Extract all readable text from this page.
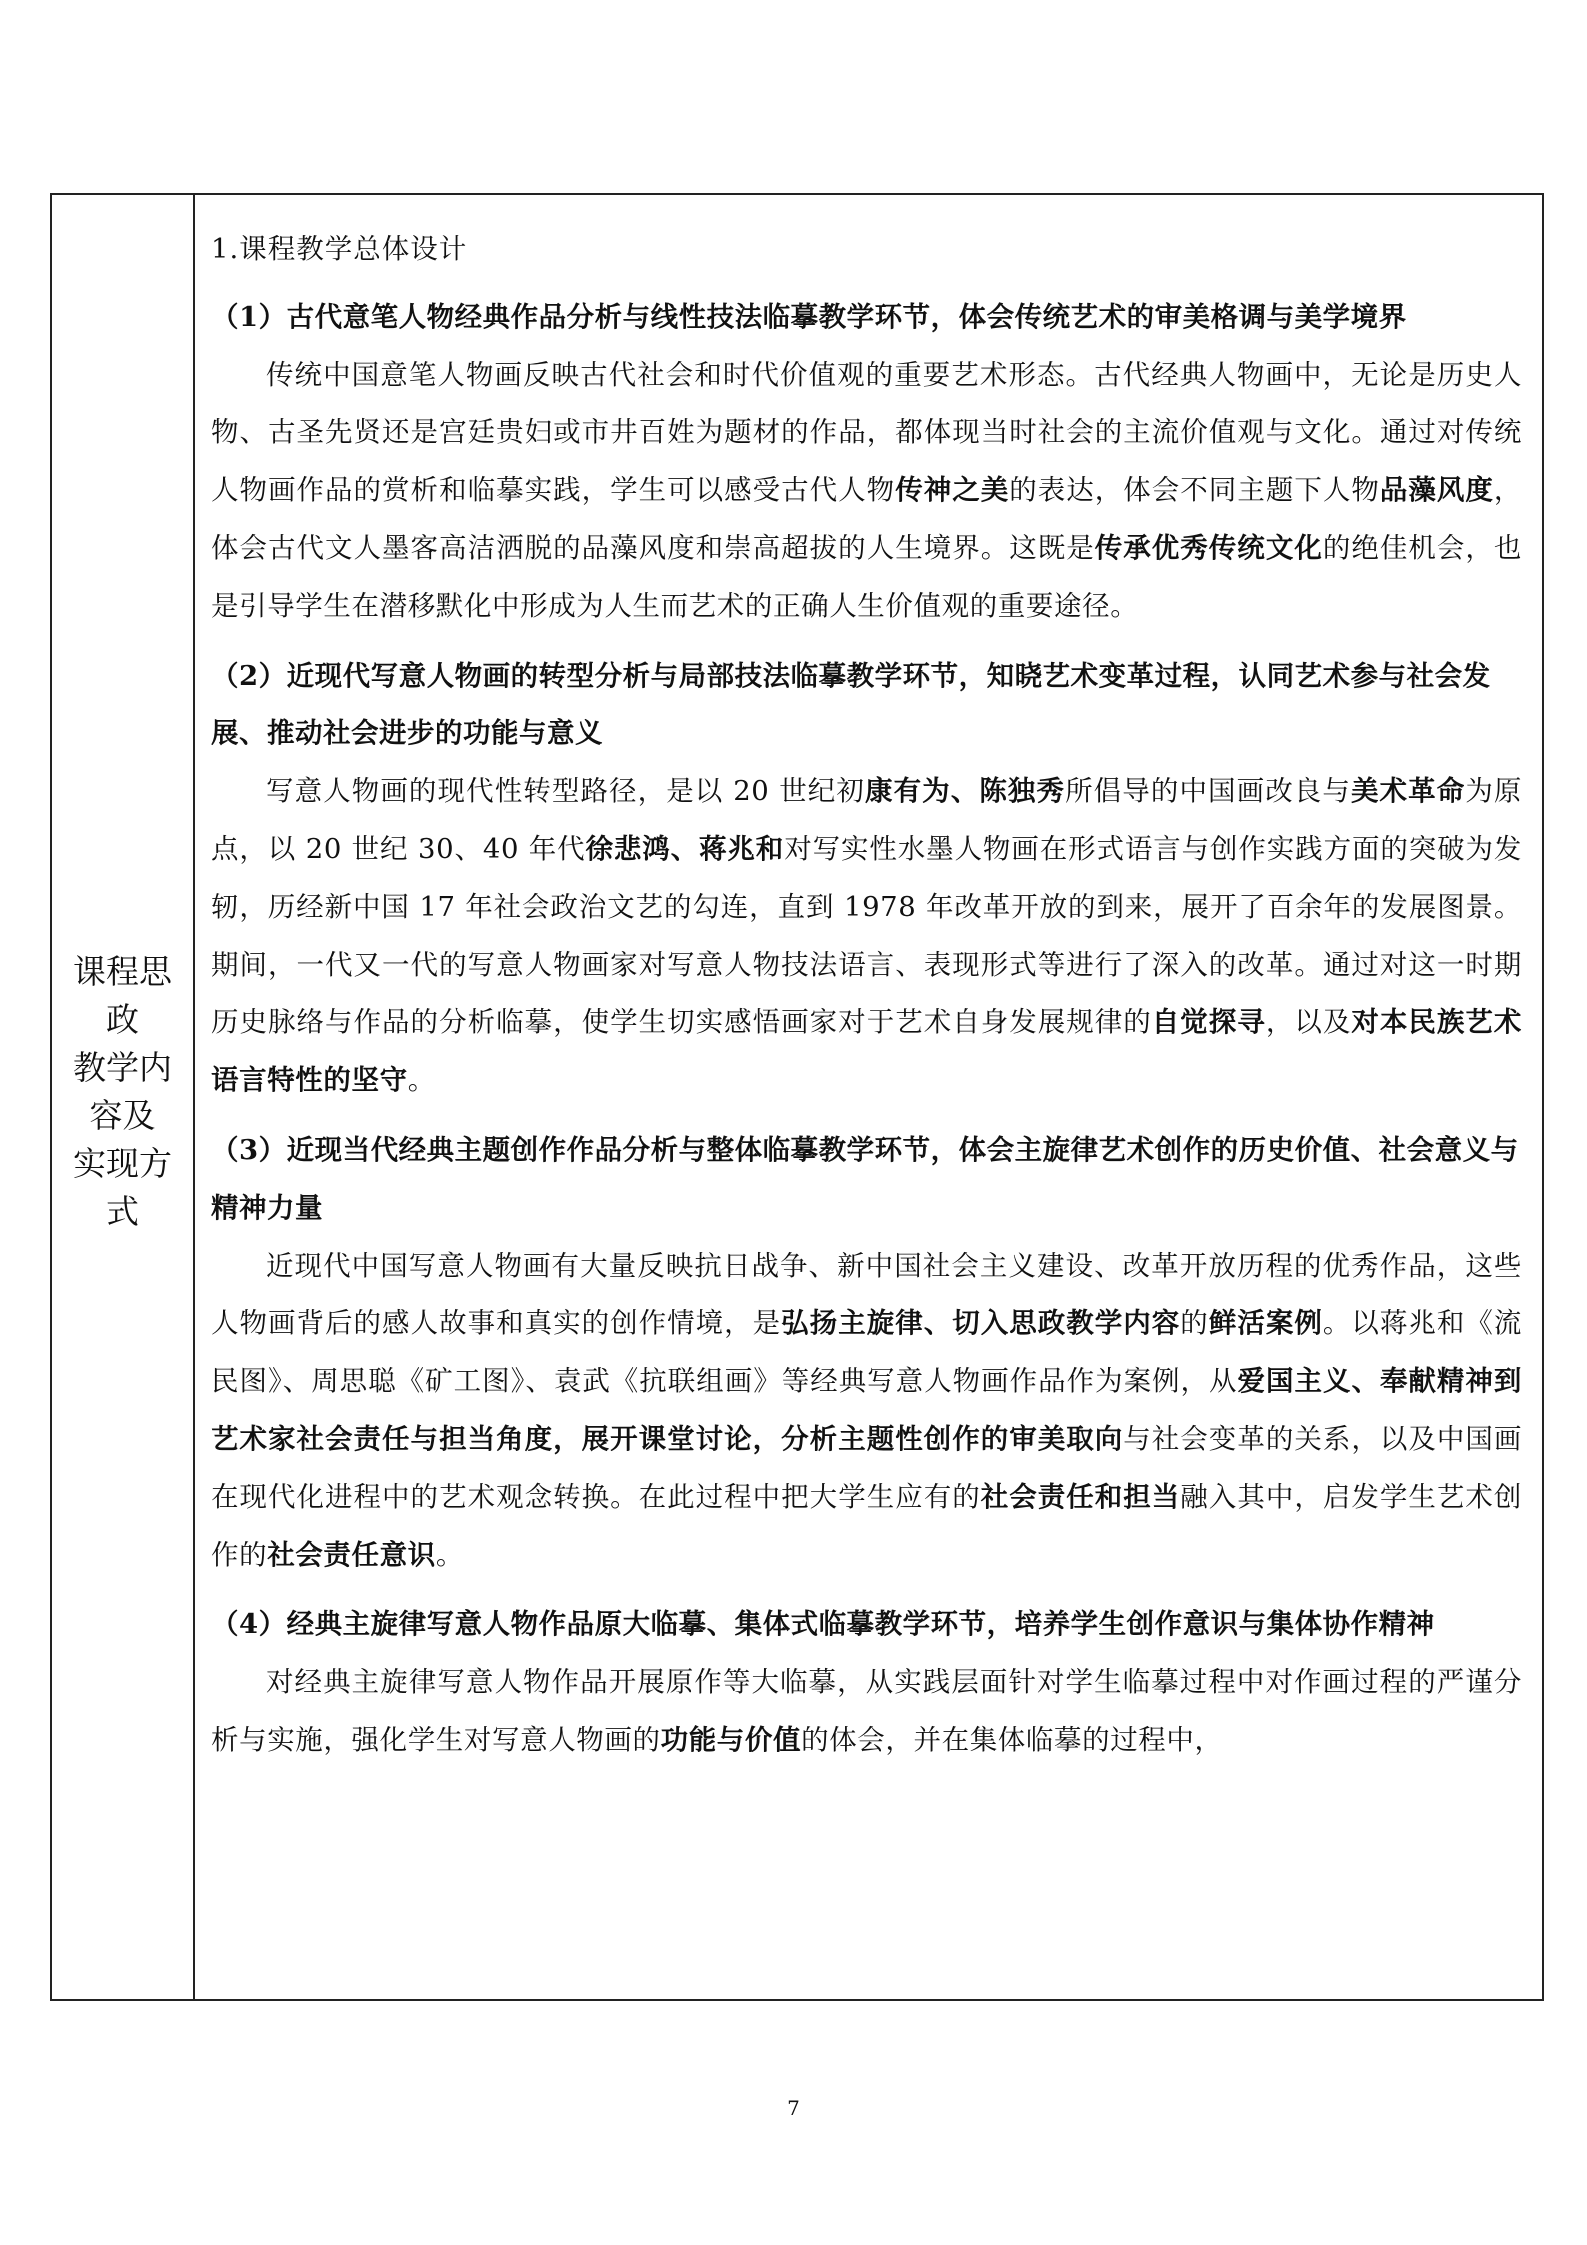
课程思
政
教学内
容及
实现方
式

1.课程教学总体设计

（1）古代意笔人物经典作品分析与线性技法临摹教学环节，体会传统艺术的审美格调与美学境界

传统中国意笔人物画反映古代社会和时代价值观的重要艺术形态。古代经典人物画中，无论是历史人物、古圣先贤还是宫廷贵妇或市井百姓为题材的作品，都体现当时社会的主流价值观与文化。通过对传统人物画作品的赏析和临摹实践，学生可以感受古代人物传神之美的表达，体会不同主题下人物品藻风度，体会古代文人墨客高洁洒脱的品藻风度和崇高超拔的人生境界。这既是传承优秀传统文化的绝佳机会，也是引导学生在潜移默化中形成为人生而艺术的正确人生价值观的重要途径。

（2）近现代写意人物画的转型分析与局部技法临摹教学环节，知晓艺术变革过程，认同艺术参与社会发展、推动社会进步的功能与意义

写意人物画的现代性转型路径，是以 20 世纪初康有为、陈独秀所倡导的中国画改良与美术革命为原点，以 20 世纪 30、40 年代徐悲鸿、蒋兆和对写实性水墨人物画在形式语言与创作实践方面的突破为发轫，历经新中国 17 年社会政治文艺的勾连，直到 1978 年改革开放的到来，展开了百余年的发展图景。期间，一代又一代的写意人物画家对写意人物技法语言、表现形式等进行了深入的改革。通过对这一时期历史脉络与作品的分析临摹，使学生切实感悟画家对于艺术自身发展规律的自觉探寻，以及对本民族艺术语言特性的坚守。

（3）近现当代经典主题创作作品分析与整体临摹教学环节，体会主旋律艺术创作的历史价值、社会意义与精神力量

近现代中国写意人物画有大量反映抗日战争、新中国社会主义建设、改革开放历程的优秀作品，这些人物画背后的感人故事和真实的创作情境，是弘扬主旋律、切入思政教学内容的鲜活案例。以蒋兆和《流民图》、周思聪《矿工图》、袁武《抗联组画》等经典写意人物画作品作为案例，从爱国主义、奉献精神到艺术家社会责任与担当角度，展开课堂讨论，分析主题性创作的审美取向与社会变革的关系，以及中国画在现代化进程中的艺术观念转换。在此过程中把大学生应有的社会责任和担当融入其中，启发学生艺术创作的社会责任意识。

（4）经典主旋律写意人物作品原大临摹、集体式临摹教学环节，培养学生创作意识与集体协作精神

对经典主旋律写意人物作品开展原作等大临摹，从实践层面针对学生临摹过程中对作画过程的严谨分析与实施，强化学生对写意人物画的功能与价值的体会，并在集体临摹的过程中，

7
